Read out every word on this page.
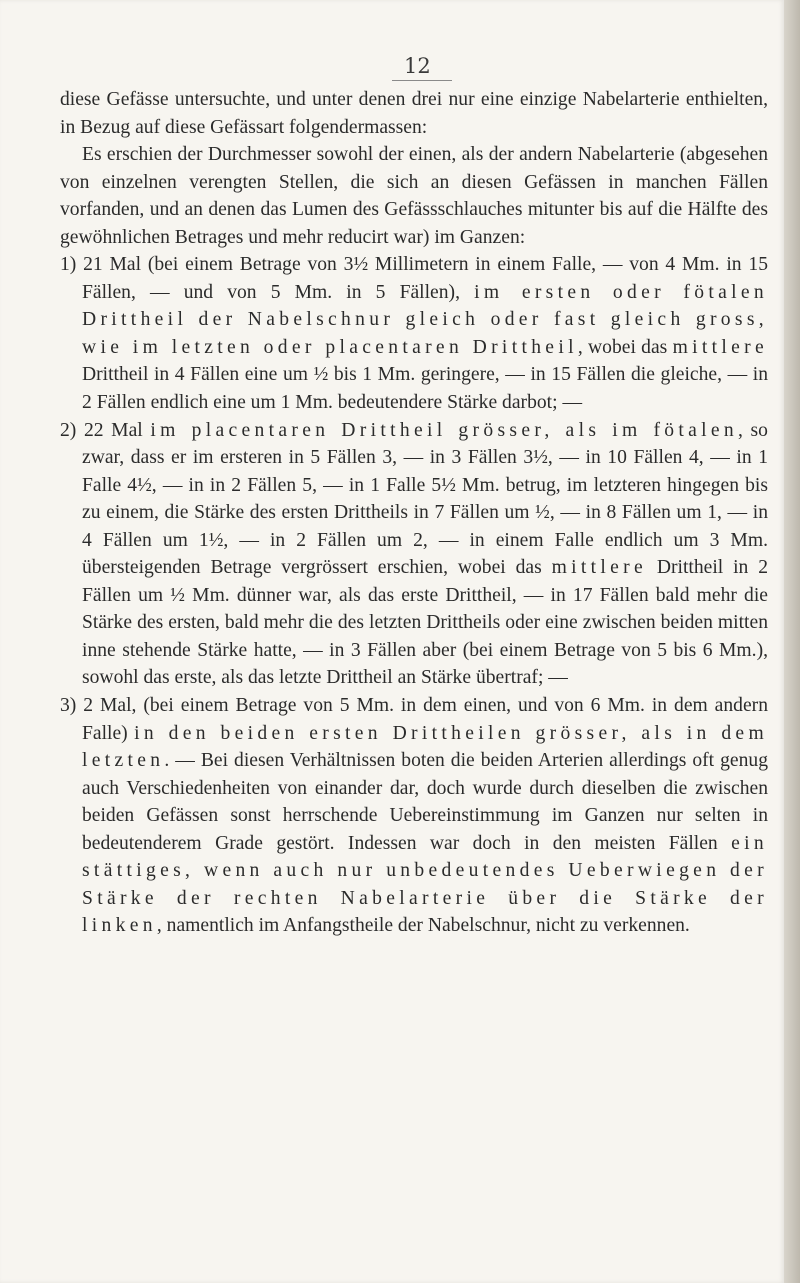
12

diese Gefässe untersuchte, und unter denen drei nur eine einzige Nabelarterie enthielten, in Bezug auf diese Gefässart folgendermassen:

Es erschien der Durchmesser sowohl der einen, als der andern Nabelarterie (abgesehen von einzelnen verengten Stellen, die sich an diesen Gefässen in manchen Fällen vorfanden, und an denen das Lumen des Gefässschlauches mitunter bis auf die Hälfte des gewöhnlichen Betrages und mehr reducirt war) im Ganzen:

1) 21 Mal (bei einem Betrage von 3½ Millimetern in einem Falle, — von 4 Mm. in 15 Fällen, — und von 5 Mm. in 5 Fällen), im ersten oder fötalen Drittheil der Nabelschnur gleich oder fast gleich gross, wie im letzten oder placentaren Drittheil, wobei das mittlere Drittheil in 4 Fällen eine um ½ bis 1 Mm. geringere, — in 15 Fällen die gleiche, — in 2 Fällen endlich eine um 1 Mm. bedeutendere Stärke darbot; —

2) 22 Mal im placentaren Drittheil grösser, als im fötalen, so zwar, dass er im ersteren in 5 Fällen 3, — in 3 Fällen 3½, — in 10 Fällen 4, — in 1 Falle 4½, — in in 2 Fällen 5, — in 1 Falle 5½ Mm. betrug, im letzteren hingegen bis zu einem, die Stärke des ersten Drittheils in 7 Fällen um ½, — in 8 Fällen um 1, — in 4 Fällen um 1½, — in 2 Fällen um 2, — in einem Falle endlich um 3 Mm. übersteigenden Betrage vergrössert erschien, wobei das mittlere Drittheil in 2 Fällen um ½ Mm. dünner war, als das erste Drittheil, — in 17 Fällen bald mehr die Stärke des ersten, bald mehr die des letzten Drittheils oder eine zwischen beiden mitten inne stehende Stärke hatte, — in 3 Fällen aber (bei einem Betrage von 5 bis 6 Mm.), sowohl das erste, als das letzte Drittheil an Stärke übertraf; —

3) 2 Mal, (bei einem Betrage von 5 Mm. in dem einen, und von 6 Mm. in dem andern Falle) in den beiden ersten Drittheilen grösser, als in dem letzten. — Bei diesen Verhältnissen boten die beiden Arterien allerdings oft genug auch Verschiedenheiten von einander dar, doch wurde durch dieselben die zwischen beiden Gefässen sonst herrschende Uebereinstimmung im Ganzen nur selten in bedeutenderem Grade gestört. Indessen war doch in den meisten Fällen ein stättiges, wenn auch nur unbedeutendes Ueberwiegen der Stärke der rechten Nabelarterie über die Stärke der linken, namentlich im Anfangstheile der Nabelschnur, nicht zu verkennen.
